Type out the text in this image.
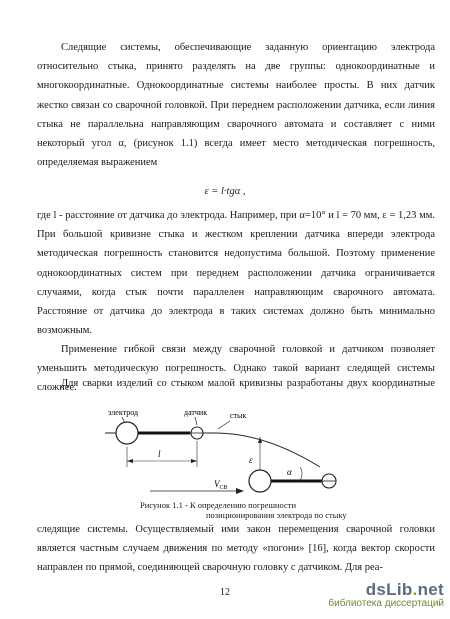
Следящие системы, обеспечивающие заданную ориентацию электрода относительно стыка, принято разделять на две группы: однокоординатные и многокоординатные. Однокоординатные системы наиболее просты. В них датчик жестко связан со сварочной головкой. При переднем расположении датчика, если линия стыка не параллельна направляющим сварочного автомата и составляет с ними некоторый угол α, (рисунок 1.1) всегда имеет место методическая погрешность, определяемая выражением

ε = l·tgα ,

где l - расстояние от датчика до электрода. Например, при α=10° и l = 70 мм, ε = 1,23 мм. При большой кривизне стыка и жестком креплении датчика впереди электрода методическая погрешность становится недопустима большой. Поэтому применение однокоординатных систем при переднем расположении датчика ограничивается случаями, когда стык почти параллелен направляющим сварочного автомата. Расстояние от датчика до электрода в таких системах должно быть минимально возможным.

Применение гибкой связи между сварочной головкой и датчиком позволяет уменьшить методическую погрешность. Однако такой вариант следящей системы сложнее.

электрод	датчик	стык
l
$V_{СВ}$
ε
α
Рисунок 1.1 - К определению погрешности
позиционирования электрода по стыку

Для сварки изделий со стыком малой кривизны разработаны двух координатные

следящие системы. Осуществляемый ими закон перемещения сварочной головки является частным случаем движения по методу «погони» [16], когда вектор скорости направлен по прямой, соединяющей сварочную головку с датчиком. Для реа-
12	dsLib.net
библиотека диссертаций
